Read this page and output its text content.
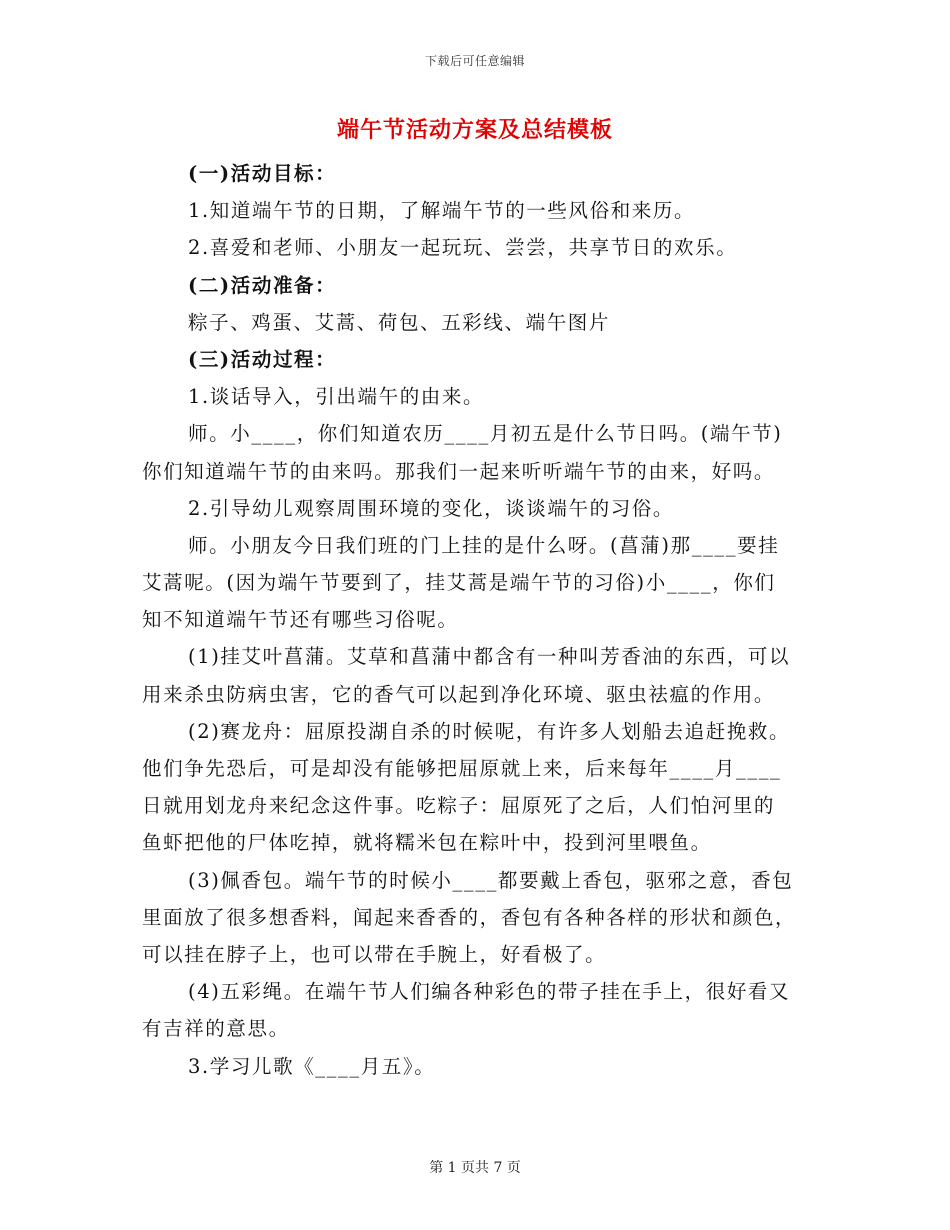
下载后可任意编辑
端午节活动方案及总结模板
(一)活动目标：
1.知道端午节的日期，了解端午节的一些风俗和来历。
2.喜爱和老师、小朋友一起玩玩、尝尝，共享节日的欢乐。
(二)活动准备：
粽子、鸡蛋、艾蒿、荷包、五彩线、端午图片
(三)活动过程：
1.谈话导入，引出端午的由来。
师。小____，你们知道农历____月初五是什么节日吗。(端午节)
你们知道端午节的由来吗。那我们一起来听听端午节的由来，好吗。
2.引导幼儿观察周围环境的变化，谈谈端午的习俗。
师。小朋友今日我们班的门上挂的是什么呀。(菖蒲)那____要挂
艾蒿呢。(因为端午节要到了，挂艾蒿是端午节的习俗)小____，你们
知不知道端午节还有哪些习俗呢。
(1)挂艾叶菖蒲。艾草和菖蒲中都含有一种叫芳香油的东西，可以
用来杀虫防病虫害，它的香气可以起到净化环境、驱虫祛瘟的作用。
(2)赛龙舟：屈原投湖自杀的时候呢，有许多人划船去追赶挽救。
他们争先恐后，可是却没有能够把屈原就上来，后来每年____月____
日就用划龙舟来纪念这件事。吃粽子：屈原死了之后，人们怕河里的
鱼虾把他的尸体吃掉，就将糯米包在粽叶中，投到河里喂鱼。
(3)佩香包。端午节的时候小____都要戴上香包，驱邪之意，香包
里面放了很多想香料，闻起来香香的，香包有各种各样的形状和颜色，
可以挂在脖子上，也可以带在手腕上，好看极了。
(4)五彩绳。在端午节人们编各种彩色的带子挂在手上，很好看又
有吉祥的意思。
3.学习儿歌《____月五》。
第 1 页共 7 页
